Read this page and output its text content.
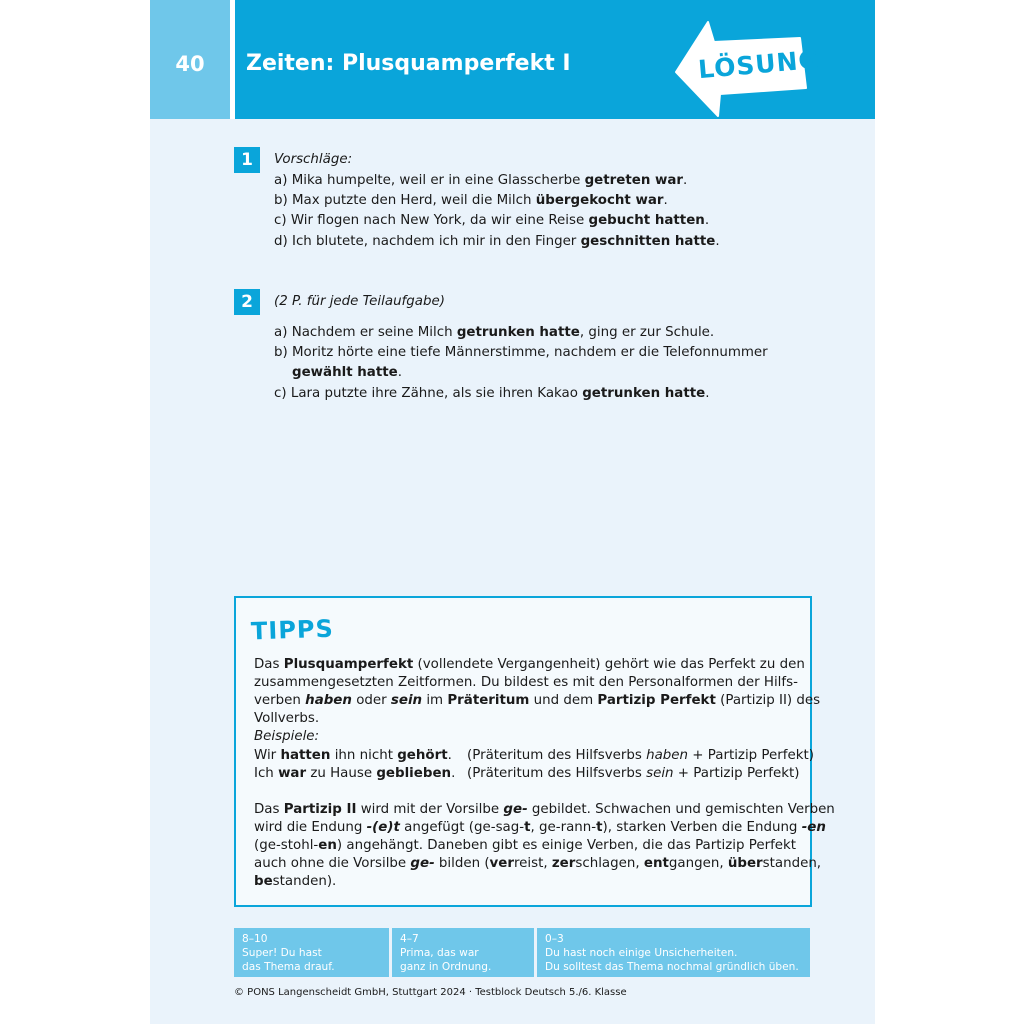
40	Zeiten: Plusquamperfekt I	LÖSUNG
1	Vorschläge:
a) Mika humpelte, weil er in eine Glasscherbe getreten war.
b) Max putzte den Herd, weil die Milch übergekocht war.
c) Wir flogen nach New York, da wir eine Reise gebucht hatten.
d) Ich blutete, nachdem ich mir in den Finger geschnitten hatte.
2	(2 P. für jede Teilaufgabe)
a) Nachdem er seine Milch getrunken hatte, ging er zur Schule.
b) Moritz hörte eine tiefe Männerstimme, nachdem er die Telefonnummer
gewählt hatte.
c) Lara putzte ihre Zähne, als sie ihren Kakao getrunken hatte.
TIPPS
Das Plusquamperfekt (vollendete Vergangenheit) gehört wie das Perfekt zu den
zusammengesetzten Zeitformen. Du bildest es mit den Personalformen der Hilfs-
verben haben oder sein im Präteritum und dem Partizip Perfekt (Partizip II) des
Vollverbs.
Beispiele:
Wir hatten ihn nicht gehört. (Präteritum des Hilfsverbs haben + Partizip Perfekt)
Ich war zu Hause geblieben. (Präteritum des Hilfsverbs sein + Partizip Perfekt)
Das Partizip II wird mit der Vorsilbe ge- gebildet. Schwachen und gemischten Verben
wird die Endung -(e)t angefügt (ge-sag-t, ge-rann-t), starken Verben die Endung -en
(ge-stohl-en) angehängt. Daneben gibt es einige Verben, die das Partizip Perfekt
auch ohne die Vorsilbe ge- bilden (verreist, zerschlagen, entgangen, überstanden,
bestanden).
8–10
Super! Du hast
das Thema drauf.
4–7
Prima, das war
ganz in Ordnung.
0–3
Du hast noch einige Unsicherheiten.
Du solltest das Thema nochmal gründlich üben.
© PONS Langenscheidt GmbH, Stuttgart 2024 · Testblock Deutsch 5./6. Klasse
